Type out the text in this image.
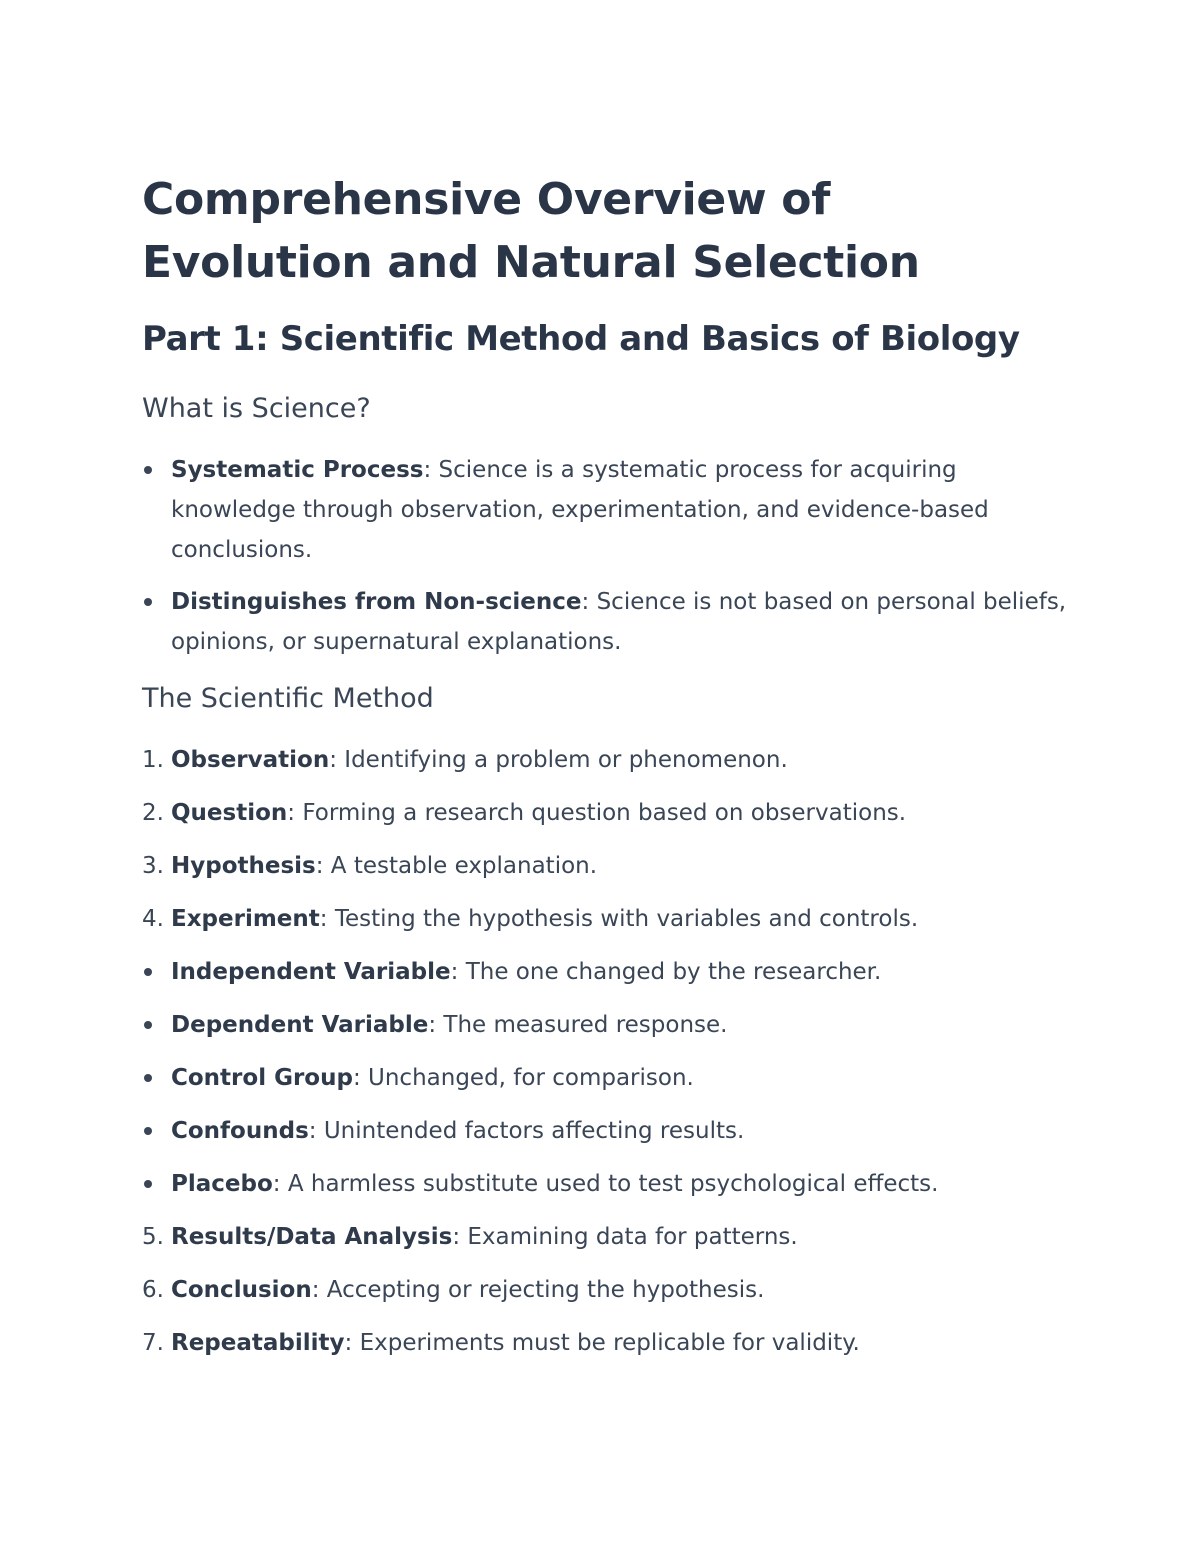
Comprehensive Overview of Evolution and Natural Selection
Part 1: Scientific Method and Basics of Biology
What is Science?
Systematic Process: Science is a systematic process for acquiring knowledge through observation, experimentation, and evidence-based conclusions.
Distinguishes from Non-science: Science is not based on personal beliefs, opinions, or supernatural explanations.
The Scientific Method
1. Observation: Identifying a problem or phenomenon.
2. Question: Forming a research question based on observations.
3. Hypothesis: A testable explanation.
4. Experiment: Testing the hypothesis with variables and controls.
Independent Variable: The one changed by the researcher.
Dependent Variable: The measured response.
Control Group: Unchanged, for comparison.
Confounds: Unintended factors affecting results.
Placebo: A harmless substitute used to test psychological effects.
5. Results/Data Analysis: Examining data for patterns.
6. Conclusion: Accepting or rejecting the hypothesis.
7. Repeatability: Experiments must be replicable for validity.
